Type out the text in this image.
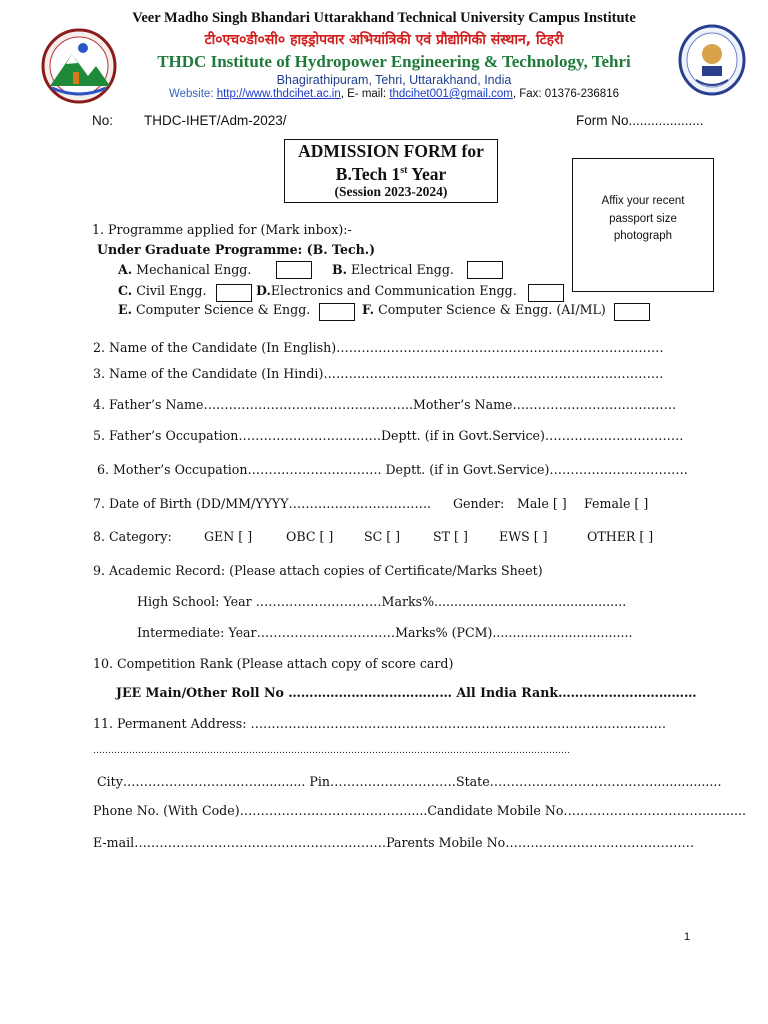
Veer Madho Singh Bhandari Uttarakhand Technical University Campus Institute
टी०एच०डी०सी० हाइड्रोपवार अभियांत्रिकी एवं प्रौद्योगिकी संस्थान, टिहरी
THDC Institute of Hydropower Engineering & Technology, Tehri
Bhagirathipuram, Tehri, Uttarakhand, India
Website: http://www.thdcihet.ac.in, E- mail: thdcihet001@gmail.com, Fax: 01376-236816
No: THDC-IHET/Adm-2023/	Form No....................
ADMISSION FORM for
B.Tech 1st Year
(Session 2023-2024)
Affix your recent passport size photograph
1. Programme applied for (Mark inbox):-
Under Graduate Programme: (B. Tech.)
A. Mechanical Engg.	B. Electrical Engg.
C. Civil Engg.	D.Electronics and Communication Engg.
E. Computer Science & Engg.	F. Computer Science & Engg. (AI/ML)
2. Name of the Candidate (In English)……………………………………………………………………
3. Name of the Candidate (In Hindi)………………………………………………………………………
4. Father’s Name…………………………………………..Mother’s Name…………………………………
5. Father’s Occupation…………………………….Deptt. (if in Govt.Service)……………………………
6. Mother’s Occupation………………………….. Deptt. (if in Govt.Service)……………………………
7. Date of Birth (DD/MM/YYYY……………………………. Gender: Male [ ] Female [ ]
8. Category:	GEN [ ]	OBC [ ] SC [ ]	ST [ ] EWS [ ]	OTHER [ ]
9. Academic Record: (Please attach copies of Certificate/Marks Sheet)
High School: Year …………………………Marks%................................................
Intermediate: Year……………………………Marks% (PCM)...................................
10. Competition Rank (Please attach copy of score card)
JEE Main/Other Roll No ………………………………… All India Rank……………………………
11. Permanent Address: ………………………………………………………………………………………
……………………………………………………………………………………………………………………………………………
City……………………………........... Pin…………………………State………………………………….................
Phone No. (With Code)…………………………………......Candidate Mobile No……………………………...........
E-mail……………………………………………………Parents Mobile No………………………………………
1
